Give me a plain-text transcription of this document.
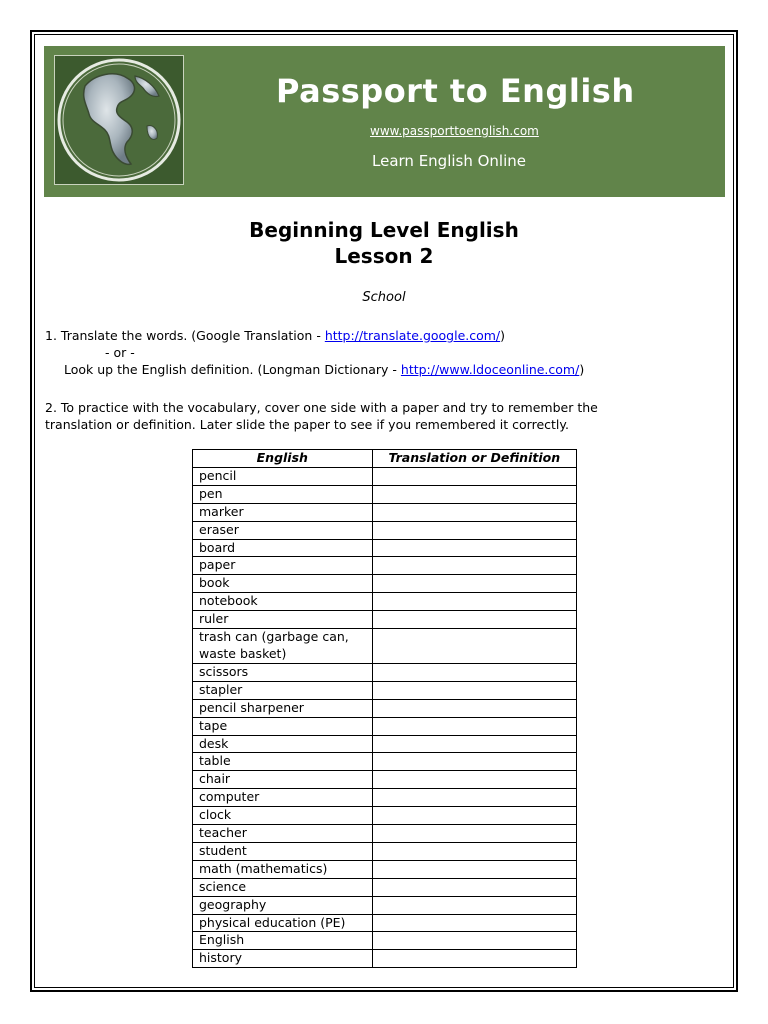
Passport to English
www.passporttoenglish.com
Learn English Online
Beginning Level English
Lesson 2
School
1. Translate the words. (Google Translation - http://translate.google.com/)
- or -
Look up the English definition. (Longman Dictionary - http://www.ldoceonline.com/)
2. To practice with the vocabulary, cover one side with a paper and try to remember the
translation or definition. Later slide the paper to see if you remembered it correctly.
English	Translation or Definition
pencil	
pen	
marker	
eraser	
board	
paper	
book	
notebook	
ruler	
trash can (garbage can, waste basket)	
scissors	
stapler	
pencil sharpener	
tape	
desk	
table	
chair	
computer	
clock	
teacher	
student	
math (mathematics)	
science	
geography	
physical education (PE)	
English	
history	
